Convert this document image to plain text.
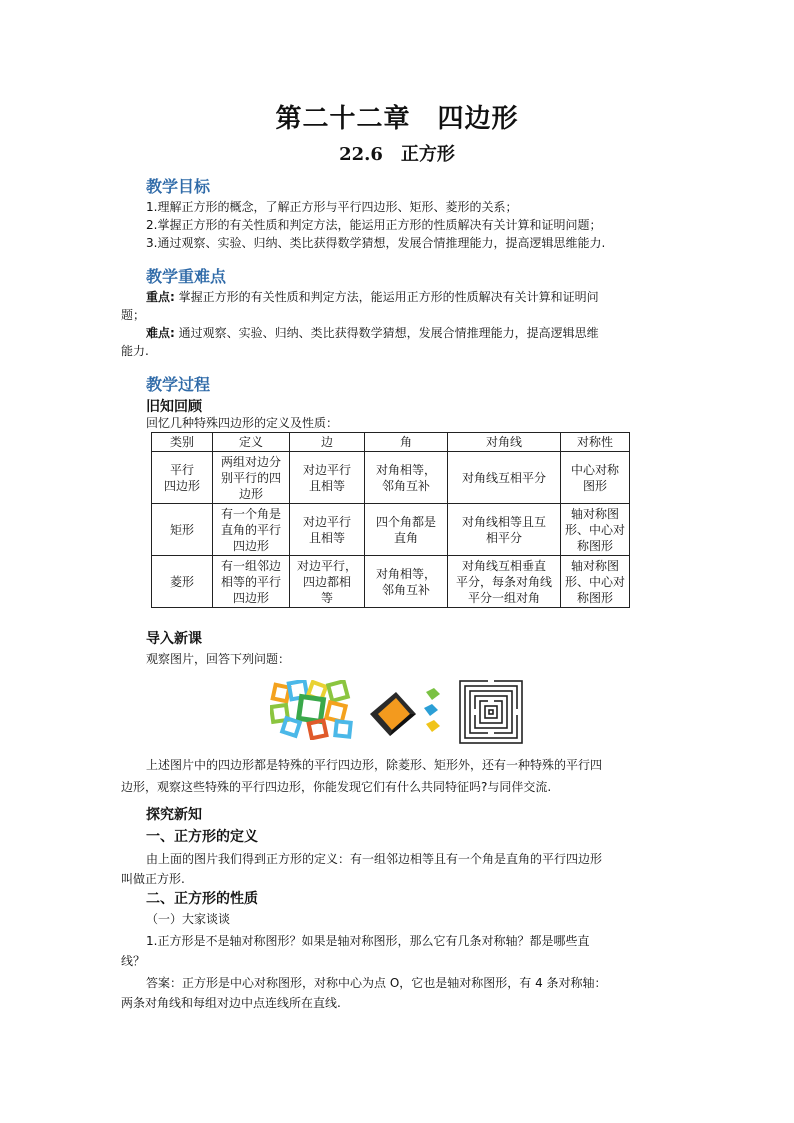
第二十二章　四边形
22.6　正方形
教学目标
1.理解正方形的概念，了解正方形与平行四边形、矩形、菱形的关系；
2.掌握正方形的有关性质和判定方法，能运用正方形的性质解决有关计算和证明问题；
3.通过观察、实验、归纳、类比获得数学猜想，发展合情推理能力，提高逻辑思维能力.
教学重难点
重点: 掌握正方形的有关性质和判定方法，能运用正方形的性质解决有关计算和证明问
题；
难点: 通过观察、实验、归纳、类比获得数学猜想，发展合情推理能力，提高逻辑思维
能力.
教学过程
旧知回顾
回忆几种特殊四边形的定义及性质：
类别	定义	边	角	对角线	对称性
平行
四边形	两组对边分
别平行的四
边形	对边平行
且相等	对角相等，
邻角互补	对角线互相平分	中心对称
图形
矩形	有一个角是
直角的平行
四边形	对边平行
且相等	四个角都是
直角	对角线相等且互
相平分	轴对称图
形、中心对
称图形
菱形	有一组邻边
相等的平行
四边形	对边平行，
四边都相
等	对角相等，
邻角互补	对角线互相垂直
平分，每条对角线
平分一组对角	轴对称图
形、中心对
称图形
导入新课
观察图片，回答下列问题：
上述图片中的四边形都是特殊的平行四边形，除菱形、矩形外，还有一种特殊的平行四
边形，观察这些特殊的平行四边形，你能发现它们有什么共同特征吗?与同伴交流.
探究新知
一、正方形的定义
由上面的图片我们得到正方形的定义：有一组邻边相等且有一个角是直角的平行四边形
叫做正方形.
二、正方形的性质
（一）大家谈谈
1.正方形是不是轴对称图形？如果是轴对称图形，那么它有几条对称轴？都是哪些直
线？
答案：正方形是中心对称图形，对称中心为点 O，它也是轴对称图形，有 4 条对称轴：
两条对角线和每组对边中点连线所在直线.
